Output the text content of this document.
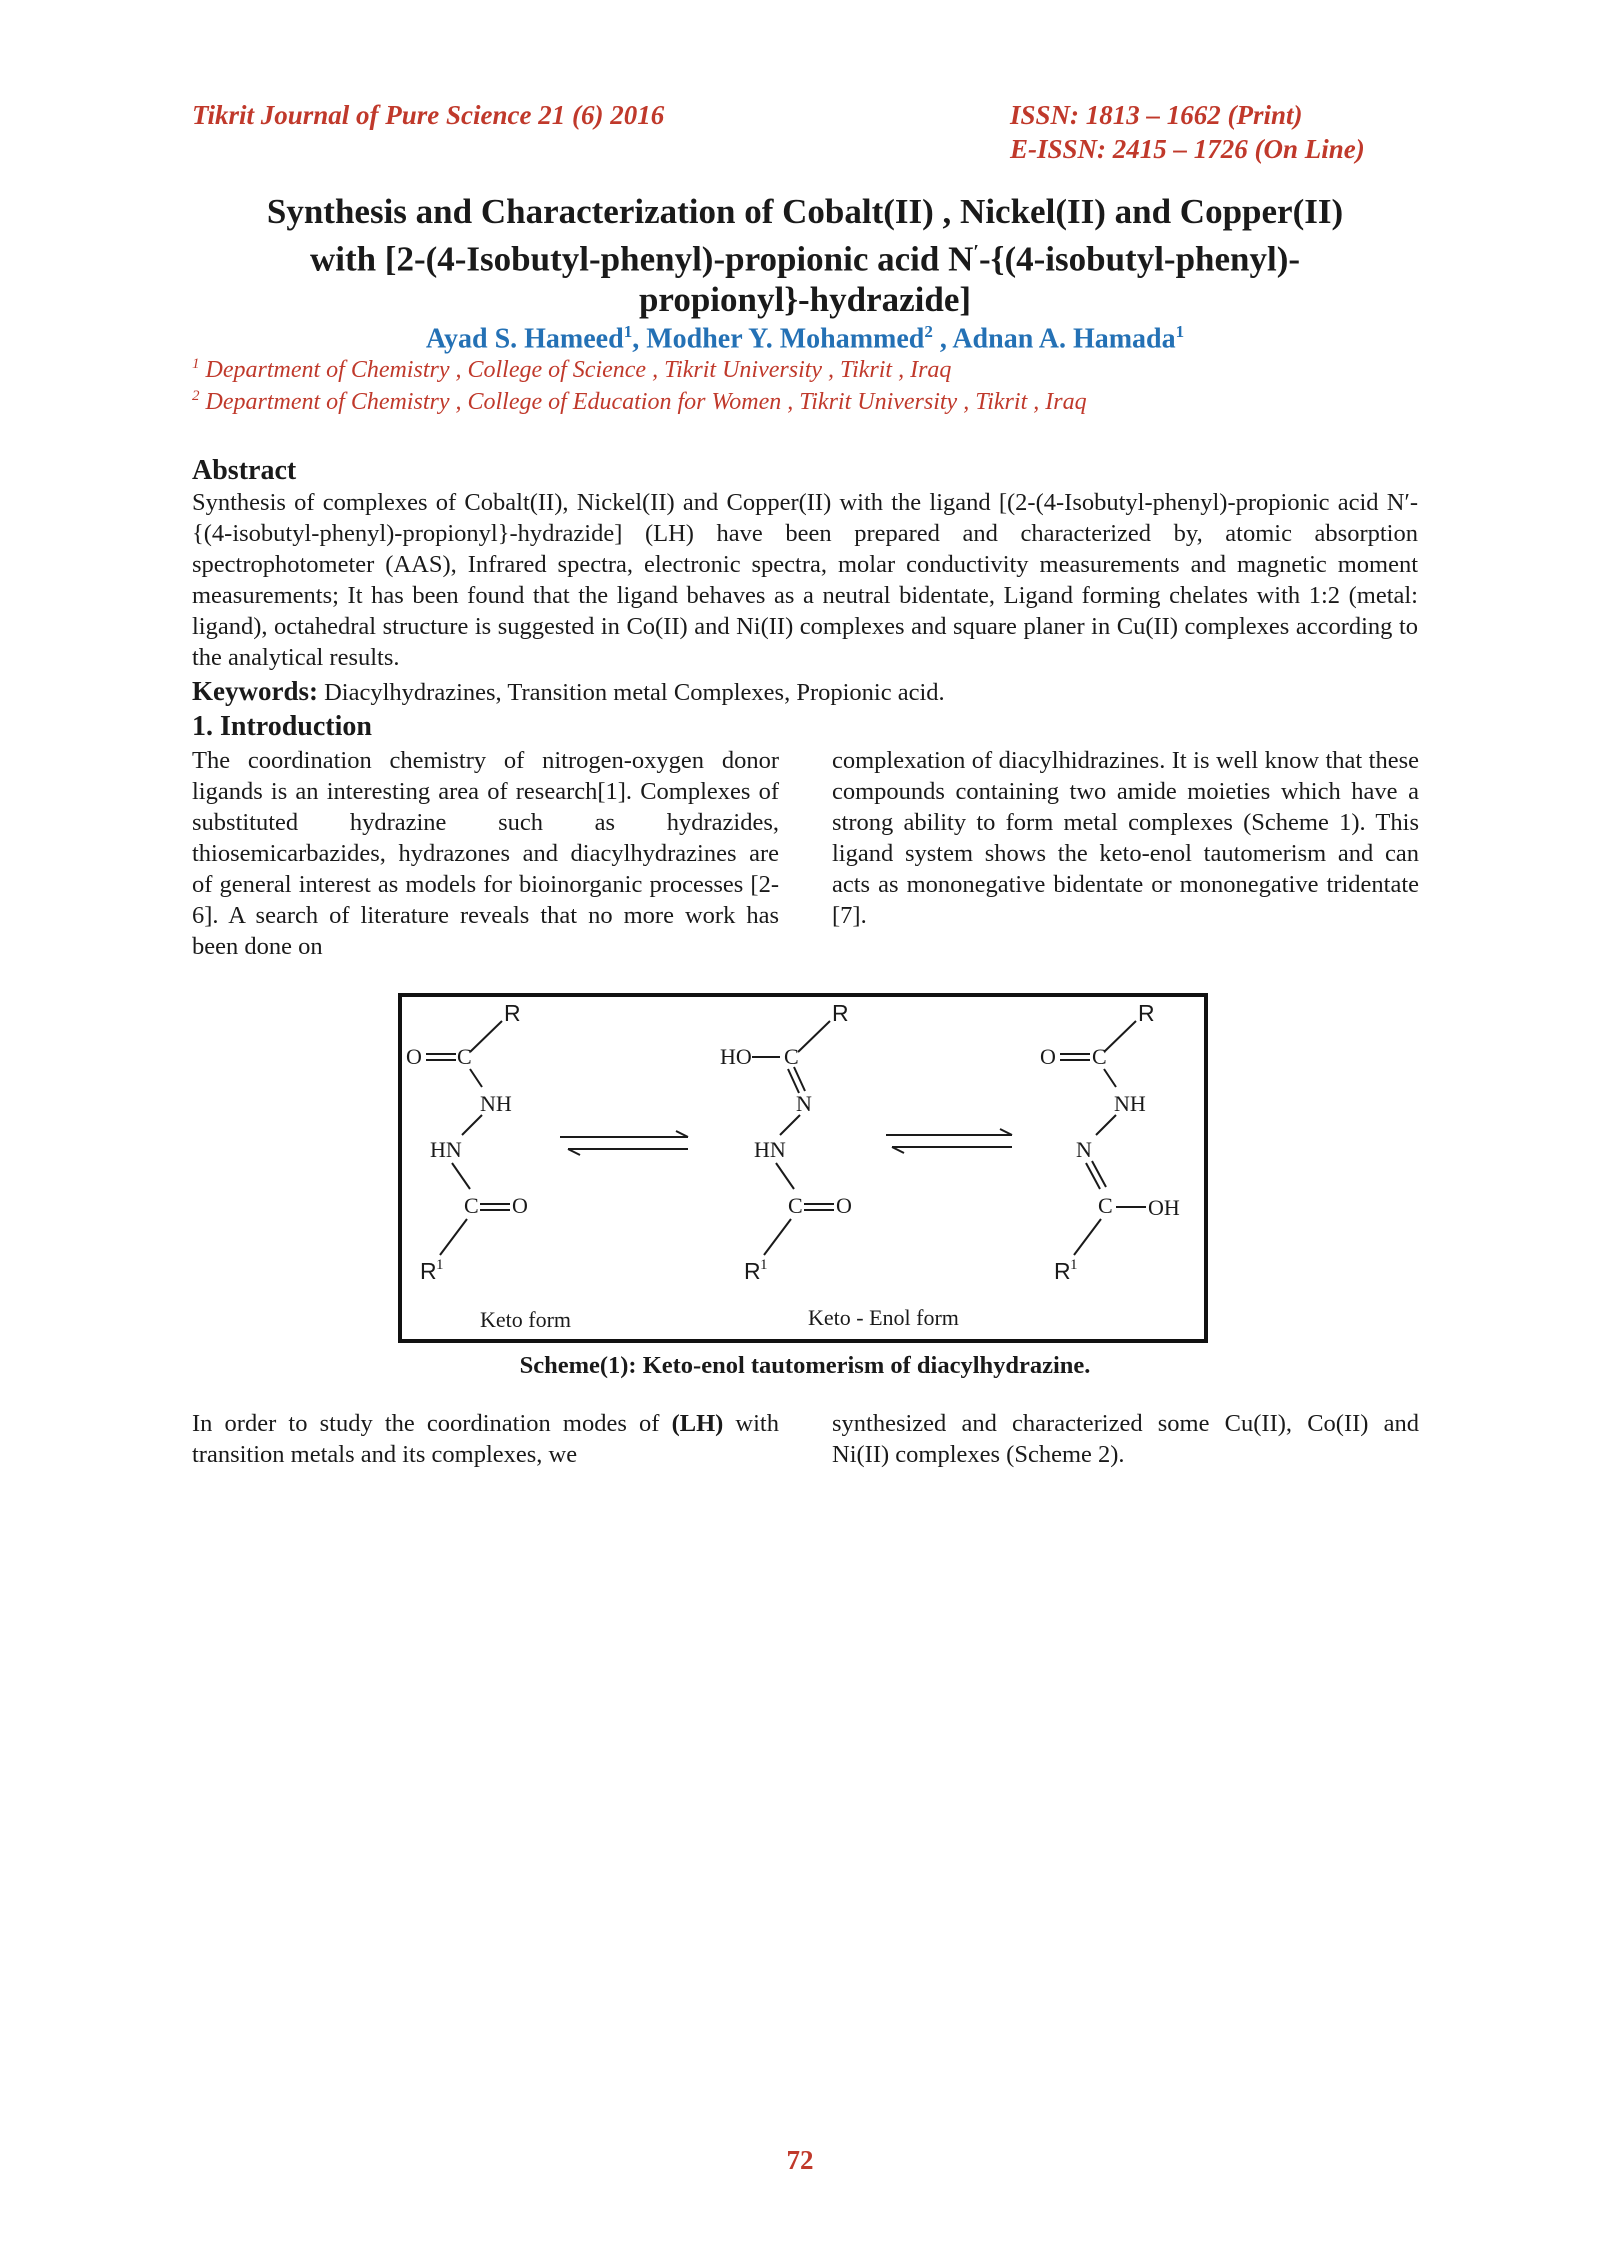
Tikrit Journal of Pure Science 21 (6) 2016	ISSN: 1813 – 1662 (Print)
E-ISSN: 2415 – 1726 (On Line)
Synthesis and Characterization of Cobalt(II) , Nickel(II) and Copper(II)
with [2-(4-Isobutyl-phenyl)-propionic acid N′-{(4-isobutyl-phenyl)-
propionyl}-hydrazide]
Ayad S. Hameed$^1$, Modher Y. Mohammed$^2$ , Adnan A. Hamada$^1$
$^1$ Department of Chemistry , College of Science , Tikrit University , Tikrit , Iraq
$^2$ Department of Chemistry , College of Education for Women , Tikrit University , Tikrit , Iraq
Abstract
Synthesis of complexes of Cobalt(II), Nickel(II) and Copper(II) with the ligand [(2-(4-Isobutyl-phenyl)-propionic acid N′-{(4-isobutyl-phenyl)-propionyl}-hydrazide] (LH) have been prepared and characterized by, atomic absorption spectrophotometer (AAS), Infrared spectra, electronic spectra, molar conductivity measurements and magnetic moment measurements; It has been found that the ligand behaves as a neutral bidentate, Ligand forming chelates with 1:2 (metal: ligand), octahedral structure is suggested in Co(II) and Ni(II) complexes and square planer in Cu(II) complexes according to the analytical results.
Keywords: Diacylhydrazines, Transition metal Complexes, Propionic acid.
1. Introduction
The coordination chemistry of nitrogen-oxygen donor ligands is an interesting area of research[1]. Complexes of substituted hydrazine such as hydrazides, thiosemicarbazides, hydrazones and diacylhydrazines are of general interest as models for bioinorganic processes [2-6]. A search of literature reveals that no more work has been done on
complexation of diacylhidrazines. It is well know that these compounds containing two amide moieties which have a strong ability to form metal complexes (Scheme 1). This ligand system shows the keto-enol tautomerism and can acts as mononegative bidentate or mononegative tridentate [7].
R
O C
NH
HN
C O
R 1
R
HO C
N
HN
C O
R 1
R
O C
NH
N
C OH
R 1
Keto form	Keto - Enol form
Scheme(1): Keto-enol tautomerism of diacylhydrazine.
In order to study the coordination modes of (LH) with transition metals and its complexes, we
synthesized and characterized some Cu(II), Co(II) and Ni(II) complexes (Scheme 2).
72
